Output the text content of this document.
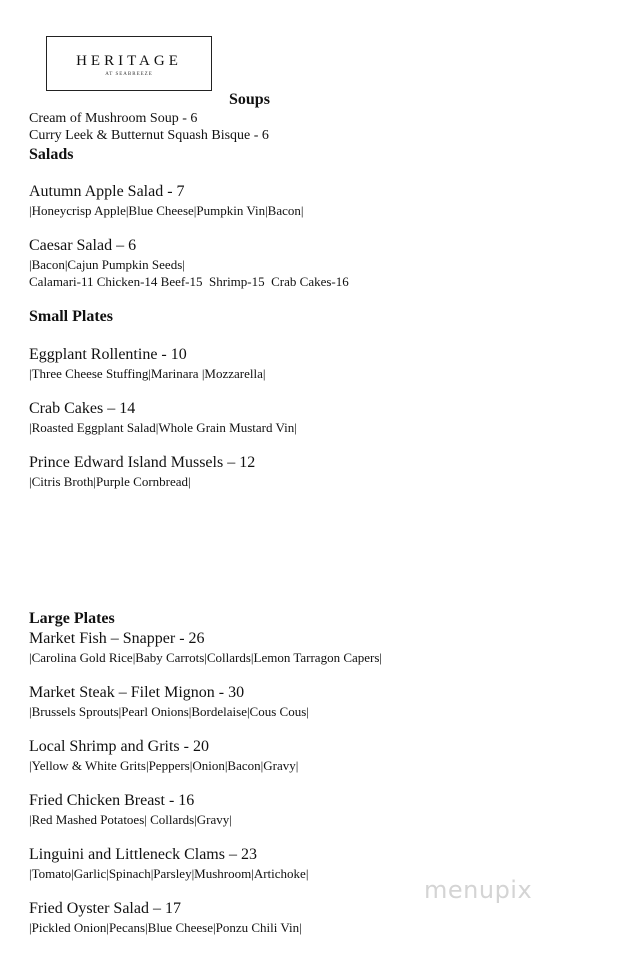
HERITAGE
AT SEABREEZE
Soups
Cream of Mushroom Soup - 6
Curry Leek & Butternut Squash Bisque - 6
Salads
Autumn Apple Salad - 7
|Honeycrisp Apple|Blue Cheese|Pumpkin Vin|Bacon|
Caesar Salad – 6
|Bacon|Cajun Pumpkin Seeds|
Calamari-11 Chicken-14 Beef-15  Shrimp-15  Crab Cakes-16
Small Plates
Eggplant Rollentine - 10
|Three Cheese Stuffing|Marinara |Mozzarella|
Crab Cakes – 14
|Roasted Eggplant Salad|Whole Grain Mustard Vin|
Prince Edward Island Mussels – 12
|Citris Broth|Purple Cornbread|
Large Plates
Market Fish – Snapper - 26
|Carolina Gold Rice|Baby Carrots|Collards|Lemon Tarragon Capers|
Market Steak – Filet Mignon - 30
|Brussels Sprouts|Pearl Onions|Bordelaise|Cous Cous|
Local Shrimp and Grits - 20
|Yellow & White Grits|Peppers|Onion|Bacon|Gravy|
Fried Chicken Breast - 16
|Red Mashed Potatoes| Collards|Gravy|
Linguini and Littleneck Clams – 23
|Tomato|Garlic|Spinach|Parsley|Mushroom|Artichoke|
Fried Oyster Salad – 17
|Pickled Onion|Pecans|Blue Cheese|Ponzu Chili Vin|
menupix
